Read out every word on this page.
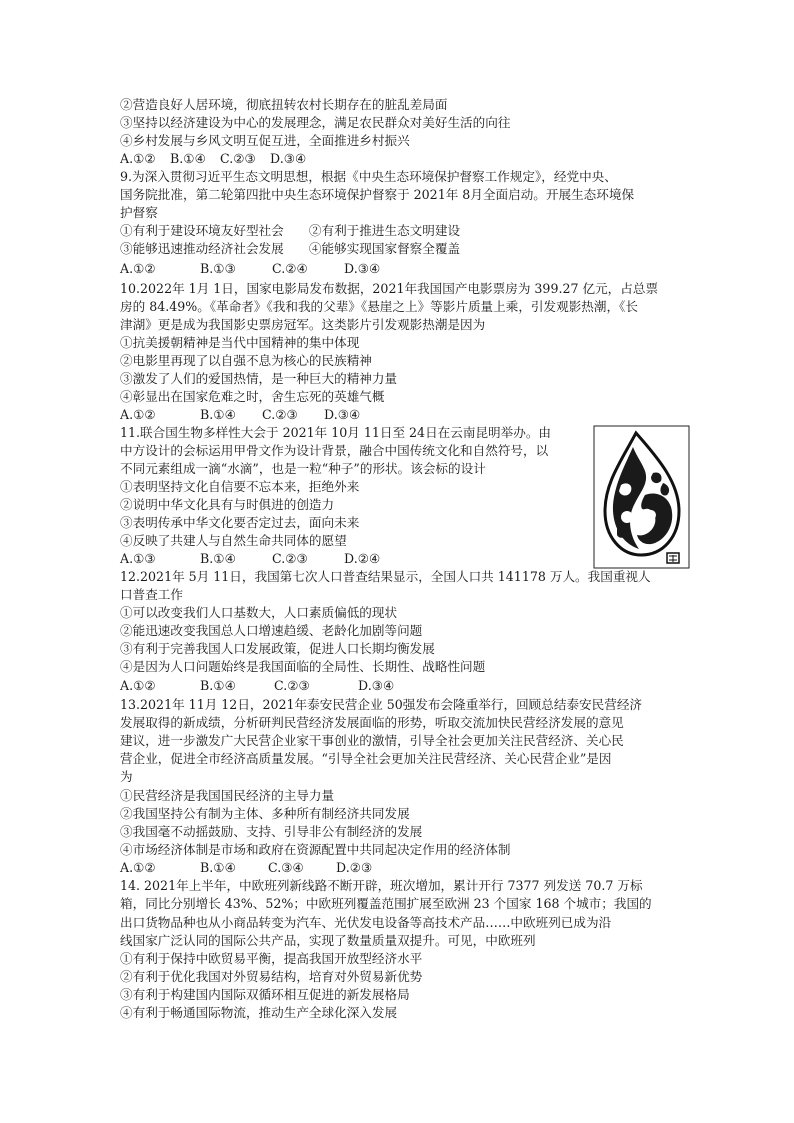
②营造良好人居环境，彻底扭转农村长期存在的脏乱差局面
③坚持以经济建设为中心的发展理念，满足农民群众对美好生活的向往
④乡村发展与乡风文明互促互进，全面推进乡村振兴
A.①② B.①④ C.②③ D.③④
9.为深入贯彻习近平生态文明思想，根据《中央生态环境保护督察工作规定》，经党中央、
国务院批准，第二轮第四批中央生态环境保护督察于 2021年 8月全面启动。开展生态环境保
护督察
①有利于建设环境友好型社会　　②有利于推进生态文明建设
③能够迅速推动经济社会发展　　④能够实现国家督察全覆盖
A.①②	B.①③	C.②④	D.③④
10.2022年 1月 1日，国家电影局发布数据，2021年我国国产电影票房为 399.27 亿元，占总票
房的 84.49%。《革命者》《我和我的父辈》《悬崖之上》等影片质量上乘，引发观影热潮，《长
津湖》更是成为我国影史票房冠军。这类影片引发观影热潮是因为
①抗美援朝精神是当代中国精神的集中体现
②电影里再现了以自强不息为核心的民族精神
③激发了人们的爱国热情，是一种巨大的精神力量
④彰显出在国家危难之时，舍生忘死的英雄气概
A.①②	B.①④ C.②③ D.③④
11.联合国生物多样性大会于 2021年 10月 11日至 24日在云南昆明举办。由
中方设计的会标运用甲骨文作为设计背景，融合中国传统文化和自然符号，以
不同元素组成一滴“水滴”，也是一粒“种子”的形状。该会标的设计
①表明坚持文化自信要不忘本来，拒绝外来
②说明中华文化具有与时俱进的创造力
③表明传承中华文化要否定过去，面向未来
④反映了共建人与自然生命共同体的愿望
A.①③	B.①④	C.②③	D.②④
12.2021年 5月 11日，我国第七次人口普查结果显示，全国人口共 141178 万人。我国重视人
口普查工作
①可以改变我们人口基数大，人口素质偏低的现状
②能迅速改变我国总人口增速趋缓、老龄化加剧等问题
③有利于完善我国人口发展政策，促进人口长期均衡发展
④是因为人口问题始终是我国面临的全局性、长期性、战略性问题
A.①②	B.①④	C.②③	D.③④
13.2021年 11月 12日，2021年泰安民营企业 50强发布会隆重举行，回顾总结泰安民营经济
发展取得的新成绩，分析研判民营经济发展面临的形势，听取交流加快民营经济发展的意见
建议，进一步激发广大民营企业家干事创业的激情，引导全社会更加关注民营经济、关心民
营企业，促进全市经济高质量发展。“引导全社会更加关注民营经济、关心民营企业”是因
为
①民营经济是我国国民经济的主导力量
②我国坚持公有制为主体、多种所有制经济共同发展
③我国毫不动摇鼓励、支持、引导非公有制经济的发展
④市场经济体制是市场和政府在资源配置中共同起决定作用的经济体制
A.①②	B.①④	C.③④	D.②③
14. 2021年上半年，中欧班列新线路不断开辟，班次增加，累计开行 7377 列发送 70.7 万标
箱，同比分别增长 43%、52%；中欧班列覆盖范围扩展至欧洲 23 个国家 168 个城市；我国的
出口货物品种也从小商品转变为汽车、光伏发电设备等高技术产品……中欧班列已成为沿
线国家广泛认同的国际公共产品，实现了数量质量双提升。可见，中欧班列
①有利于保持中欧贸易平衡，提高我国开放型经济水平
②有利于优化我国对外贸易结构，培育对外贸易新优势
③有利于构建国内国际双循环相互促进的新发展格局
④有利于畅通国际物流，推动生产全球化深入发展
